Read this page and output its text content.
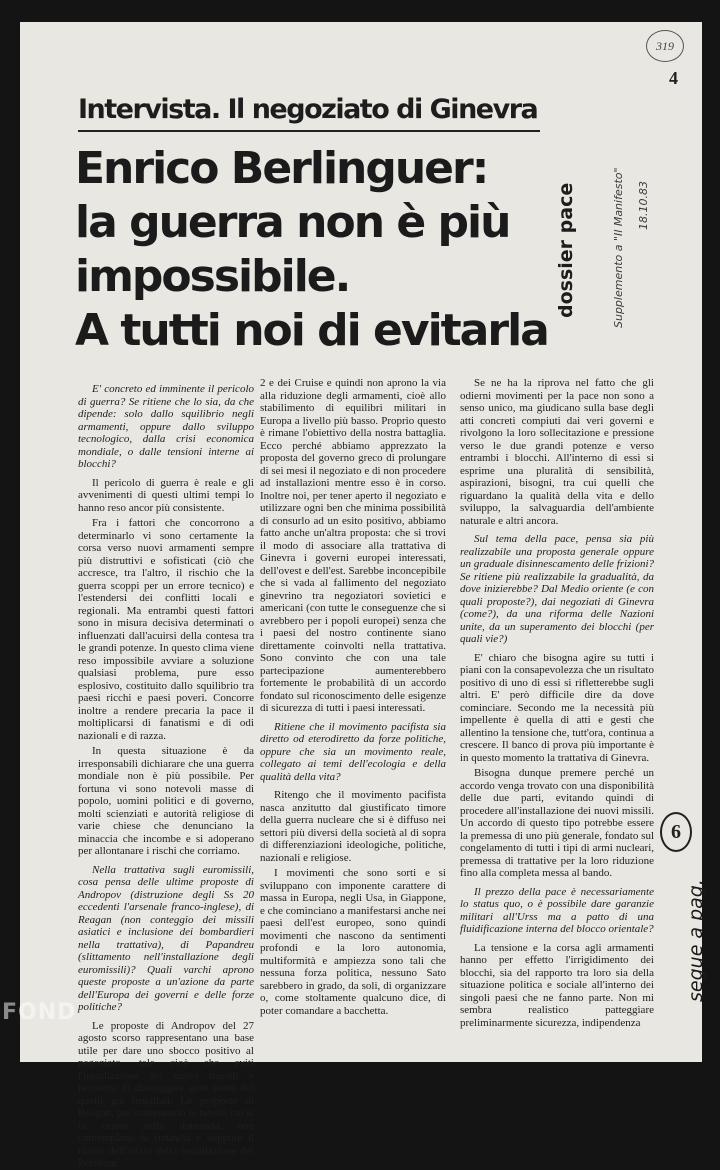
Intervista. Il negoziato di Ginevra
Enrico Berlinguer:
la guerra non è più
impossibile.
A tutti noi di evitarla
dossier pace	Supplemento a "Il Manifesto" 18.10.83
319
4
segue a pag.
6

E' concreto ed imminente il pericolo di guerra? Se ritiene che lo sia, da che dipende: solo dallo squilibrio negli armamenti, oppure dallo sviluppo tecnologico, dalla crisi economica mondiale, o dalle tensioni interne ai blocchi?

Il pericolo di guerra è reale e gli avvenimenti di questi ultimi tempi lo hanno reso ancor più consistente.

Fra i fattori che concorrono a determinarlo vi sono certamente la corsa verso nuovi armamenti sempre più distruttivi e sofisticati (ciò che accresce, tra l'altro, il rischio che la guerra scoppi per un errore tecnico) e l'estendersi dei conflitti locali e regionali. Ma entrambi questi fattori sono in misura decisiva determinati o influenzati dall'acuirsi della contesa tra le grandi potenze. In questo clima viene reso impossibile avviare a soluzione qualsiasi problema, pure esso esplosivo, costituito dallo squilibrio tra paesi ricchi e paesi poveri. Concorre inoltre a rendere precaria la pace il moltiplicarsi di fanatismi e di odi nazionali e di razza.

In questa situazione è da irresponsabili dichiarare che una guerra mondiale non è più possibile. Per fortuna vi sono notevoli masse di popolo, uomini politici e di governo, molti scienziati e autorità religiose di varie chiese che denunciano la minaccia che incombe e si adoperano per allontanare i rischi che corriamo.

Nella trattativa sugli euromissili, cosa pensa delle ultime proposte di Andropov (distruzione degli Ss 20 eccedenti l'arsenale franco-inglese), di Reagan (non conteggio dei missili asiatici e inclusione dei bombardieri nella trattativa), di Papandreu (slittamento nell'installazione degli euromissili)? Quali varchi aprono queste proposte a un'azione da parte dell'Europa dei governi e delle forze politiche?

Le proposte di Andropov del 27 agosto scorso rappresentano una base utile per dare uno sbocco positivo al negoziato, tale cioè che eviti l'installazione dei nuovi missili e permetta di distruggere gran parte dei quelli già installati. Le proposte di Reagan, pur contenendo le novità cui si fa cenno nella domanda, non contemplano la rinuncia e neppure il rinvio dell'inizio della installazione dei Pershing

2 e dei Cruise e quindi non aprono la via alla riduzione degli armamenti, cioè allo stabilimento di equilibri militari in Europa a livello più basso. Proprio questo è rimane l'obiettivo della nostra battaglia. Ecco perché abbiamo apprezzato la proposta del governo greco di prolungare di sei mesi il negoziato e di non procedere ad installazioni mentre esso è in corso. Inoltre noi, per tener aperto il negoziato e utilizzare ogni ben che minima possibilità di consurlo ad un esito positivo, abbiamo fatto anche un'altra proposta: che si trovi il modo di associare alla trattativa di Ginevra i governi europei interessati, dell'ovest e dell'est. Sarebbe inconcepibile che si vada al fallimento del negoziato ginevrino tra negoziatori sovietici e americani (con tutte le conseguenze che si avrebbero per i popoli europei) senza che i paesi del nostro continente siano direttamente coinvolti nella trattativa. Sono convinto che con una tale partecipazione aumenterebbero fortemente le probabilità di un accordo fondato sul riconoscimento delle esigenze di sicurezza di tutti i paesi interessati.

Ritiene che il movimento pacifista sia diretto od eterodiretto da forze politiche, oppure che sia un movimento reale, collegato ai temi dell'ecologia e della qualità della vita?

Ritengo che il movimento pacifista nasca anzitutto dal giustificato timore della guerra nucleare che si è diffuso nei settori più diversi della società al di sopra di differenziazioni ideologiche, politiche, nazionali e religiose.

I movimenti che sono sorti e si sviluppano con imponente carattere di massa in Europa, negli Usa, in Giappone, e che cominciano a manifestarsi anche nei paesi dell'est europeo, sono quindi movimenti che nascono da sentimenti profondi e la loro autonomia, multiformità e ampiezza sono tali che nessuna forza politica, nessuno Sato sarebbero in grado, da soli, di organizzare o, come stoltamente qualcuno dice, di poter comandare a bacchetta.

Se ne ha la riprova nel fatto che gli odierni movimenti per la pace non sono a senso unico, ma giudicano sulla base degli atti concreti compiuti dai veri governi e rivolgono la loro sollecitazione e pressione verso le due grandi potenze e verso entrambi i blocchi. All'interno di essi si esprime una pluralità di sensibilità, aspirazioni, bisogni, tra cui quelli che riguardano la qualità della vita e dello sviluppo, la salvaguardia dell'ambiente naturale e altri ancora.

Sul tema della pace, pensa sia più realizzabile una proposta generale oppure un graduale disinnescamento delle frizioni? Se ritiene più realizzabile la gradualità, da dove inizierebbe? Dal Medio oriente (e con quali proposte?), dai negoziati di Ginevra (come?), da una riforma delle Nazioni unite, da un superamento dei blocchi (per quali vie?)

E' chiaro che bisogna agire su tutti i piani con la consapevolezza che un risultato positivo di uno di essi si rifletterebbe sugli altri. E' però difficile dire da dove cominciare. Secondo me la necessità più impellente è quella di atti e gesti che allentino la tensione che, tutt'ora, continua a crescere. Il banco di prova più importante è in questo momento la trattativa di Ginevra.

Bisogna dunque premere perché un accordo venga trovato con una disponibilità delle due parti, evitando quindi di procedere all'installazione dei nuovi missili. Un accordo di questo tipo potrebbe essere la premessa di uno più generale, fondato sul congelamento di tutti i tipi di armi nucleari, premessa di trattative per la loro riduzione fino alla completa messa al bando.

Il prezzo della pace è necessariamente lo status quo, o è possibile dare garanzie militari all'Urss ma a patto di una fluidificazione interna del blocco orientale?

La tensione e la corsa agli armamenti hanno per effetto l'irrigidimento dei blocchi, sia del rapporto tra loro sia della situazione politica e sociale all'interno dei singoli paesi che ne fanno parte. Non mi sembra realistico patteggiare preliminarmente sicurezza, indipendenza

FOND
